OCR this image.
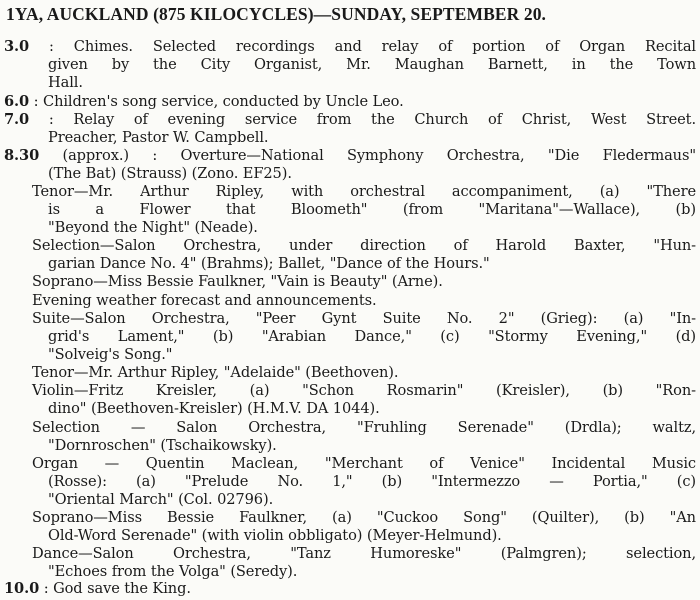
1YA, AUCKLAND (875 KILOCYCLES)—SUNDAY, SEPTEMBER 20.
3.0 : Chimes. Selected recordings and relay of portion of Organ Recital
given by the City Organist, Mr. Maughan Barnett, in the Town
Hall.
6.0 : Children's song service, conducted by Uncle Leo.
7.0 : Relay of evening service from the Church of Christ, West Street.
Preacher, Pastor W. Campbell.
8.30 (approx.) : Overture—National Symphony Orchestra, "Die Fledermaus"
(The Bat) (Strauss) (Zono. EF25).
Tenor—Mr. Arthur Ripley, with orchestral accompaniment, (a) "There
is a Flower that Bloometh" (from "Maritana"—Wallace), (b)
"Beyond the Night" (Neade).
Selection—Salon Orchestra, under direction of Harold Baxter, "Hun-
garian Dance No. 4" (Brahms); Ballet, "Dance of the Hours."
Soprano—Miss Bessie Faulkner, "Vain is Beauty" (Arne).
Evening weather forecast and announcements.
Suite—Salon Orchestra, "Peer Gynt Suite No. 2" (Grieg): (a) "In-
grid's Lament," (b) "Arabian Dance," (c) "Stormy Evening," (d)
"Solveig's Song."
Tenor—Mr. Arthur Ripley, "Adelaide" (Beethoven).
Violin—Fritz Kreisler, (a) "Schon Rosmarin" (Kreisler), (b) "Ron-
dino" (Beethoven-Kreisler) (H.M.V. DA 1044).
Selection — Salon Orchestra, "Fruhling Serenade" (Drdla); waltz,
"Dornroschen" (Tschaikowsky).
Organ — Quentin Maclean, "Merchant of Venice" Incidental Music
(Rosse): (a) "Prelude No. 1," (b) "Intermezzo — Portia," (c)
"Oriental March" (Col. 02796).
Soprano—Miss Bessie Faulkner, (a) "Cuckoo Song" (Quilter), (b) "An
Old-Word Serenade" (with violin obbligato) (Meyer-Helmund).
Dance—Salon Orchestra, "Tanz Humoreske" (Palmgren); selection,
"Echoes from the Volga" (Seredy).
10.0 : God save the King.
